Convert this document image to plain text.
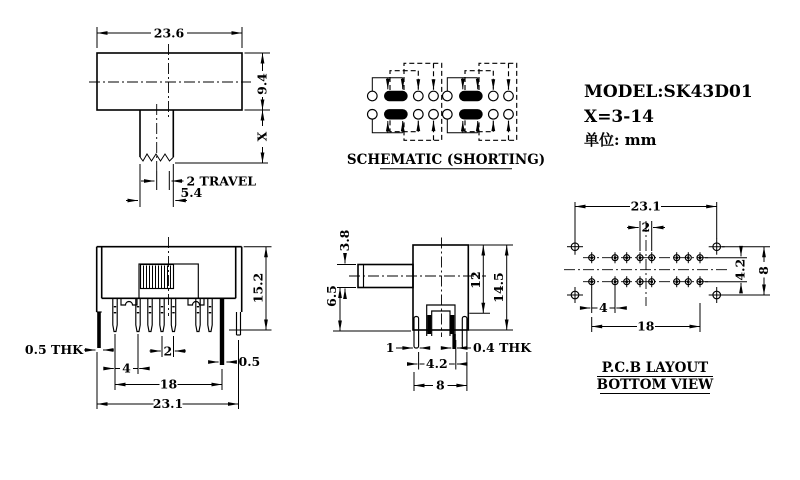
23.6
9.4
X
2 TRAVEL
5.4
SCHEMATIC (SHORTING)
MODEL:SK43D01
X=3-14
单位: mm
15.2
0.5 THK	2
4	0.5
18
23.1
3.8
6.5
12 14.5
1	0.4 THK
4.2
8
23.1
2
4
18
4.2 8
P.C.B LAYOUT
BOTTOM VIEW
